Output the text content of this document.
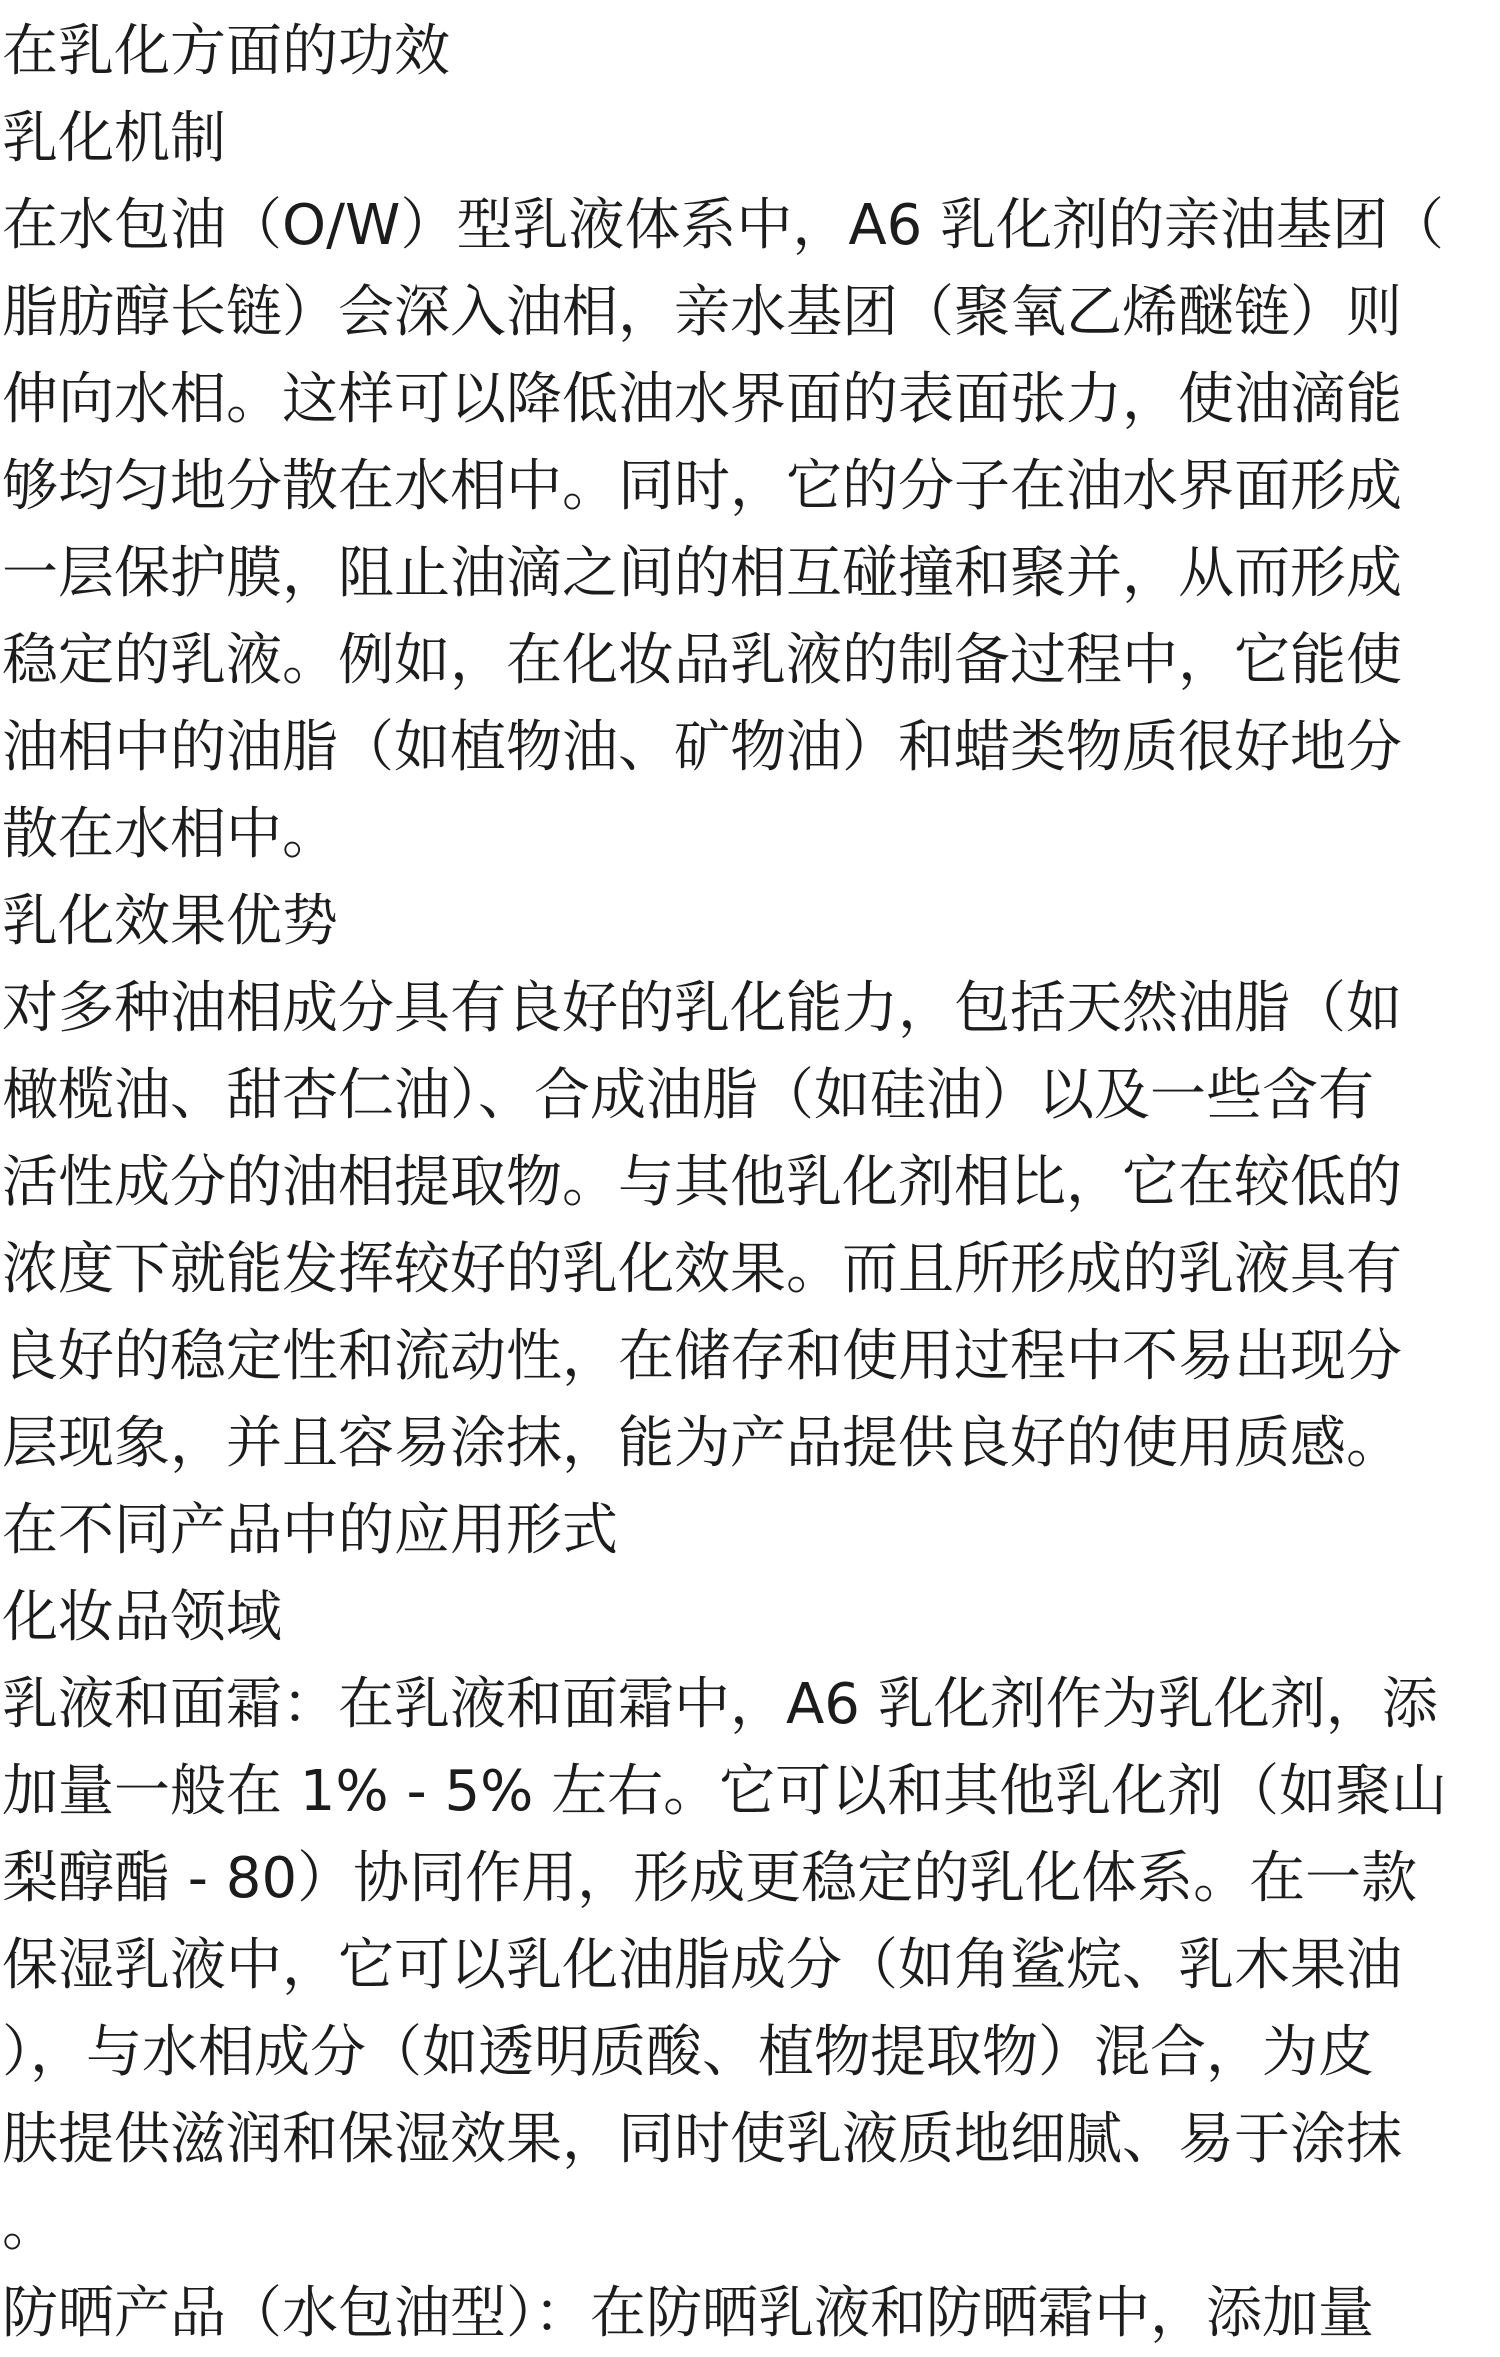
在乳化方面的功效
乳化机制
在水包油（O/W）型乳液体系中，A6 乳化剂的亲油基团（
脂肪醇长链）会深入油相，亲水基团（聚氧乙烯醚链）则
伸向水相。这样可以降低油水界面的表面张力，使油滴能
够均匀地分散在水相中。同时，它的分子在油水界面形成
一层保护膜，阻止油滴之间的相互碰撞和聚并，从而形成
稳定的乳液。例如，在化妆品乳液的制备过程中，它能使
油相中的油脂（如植物油、矿物油）和蜡类物质很好地分
散在水相中。
乳化效果优势
对多种油相成分具有良好的乳化能力，包括天然油脂（如
橄榄油、甜杏仁油）、合成油脂（如硅油）以及一些含有
活性成分的油相提取物。与其他乳化剂相比，它在较低的
浓度下就能发挥较好的乳化效果。而且所形成的乳液具有
良好的稳定性和流动性，在储存和使用过程中不易出现分
层现象，并且容易涂抹，能为产品提供良好的使用质感。
在不同产品中的应用形式
化妆品领域
乳液和面霜：在乳液和面霜中，A6 乳化剂作为乳化剂，添
加量一般在 1% - 5% 左右。它可以和其他乳化剂（如聚山
梨醇酯 - 80）协同作用，形成更稳定的乳化体系。在一款
保湿乳液中，它可以乳化油脂成分（如角鲨烷、乳木果油
），与水相成分（如透明质酸、植物提取物）混合，为皮
肤提供滋润和保湿效果，同时使乳液质地细腻、易于涂抹
。
防晒产品（水包油型）：在防晒乳液和防晒霜中，添加量
